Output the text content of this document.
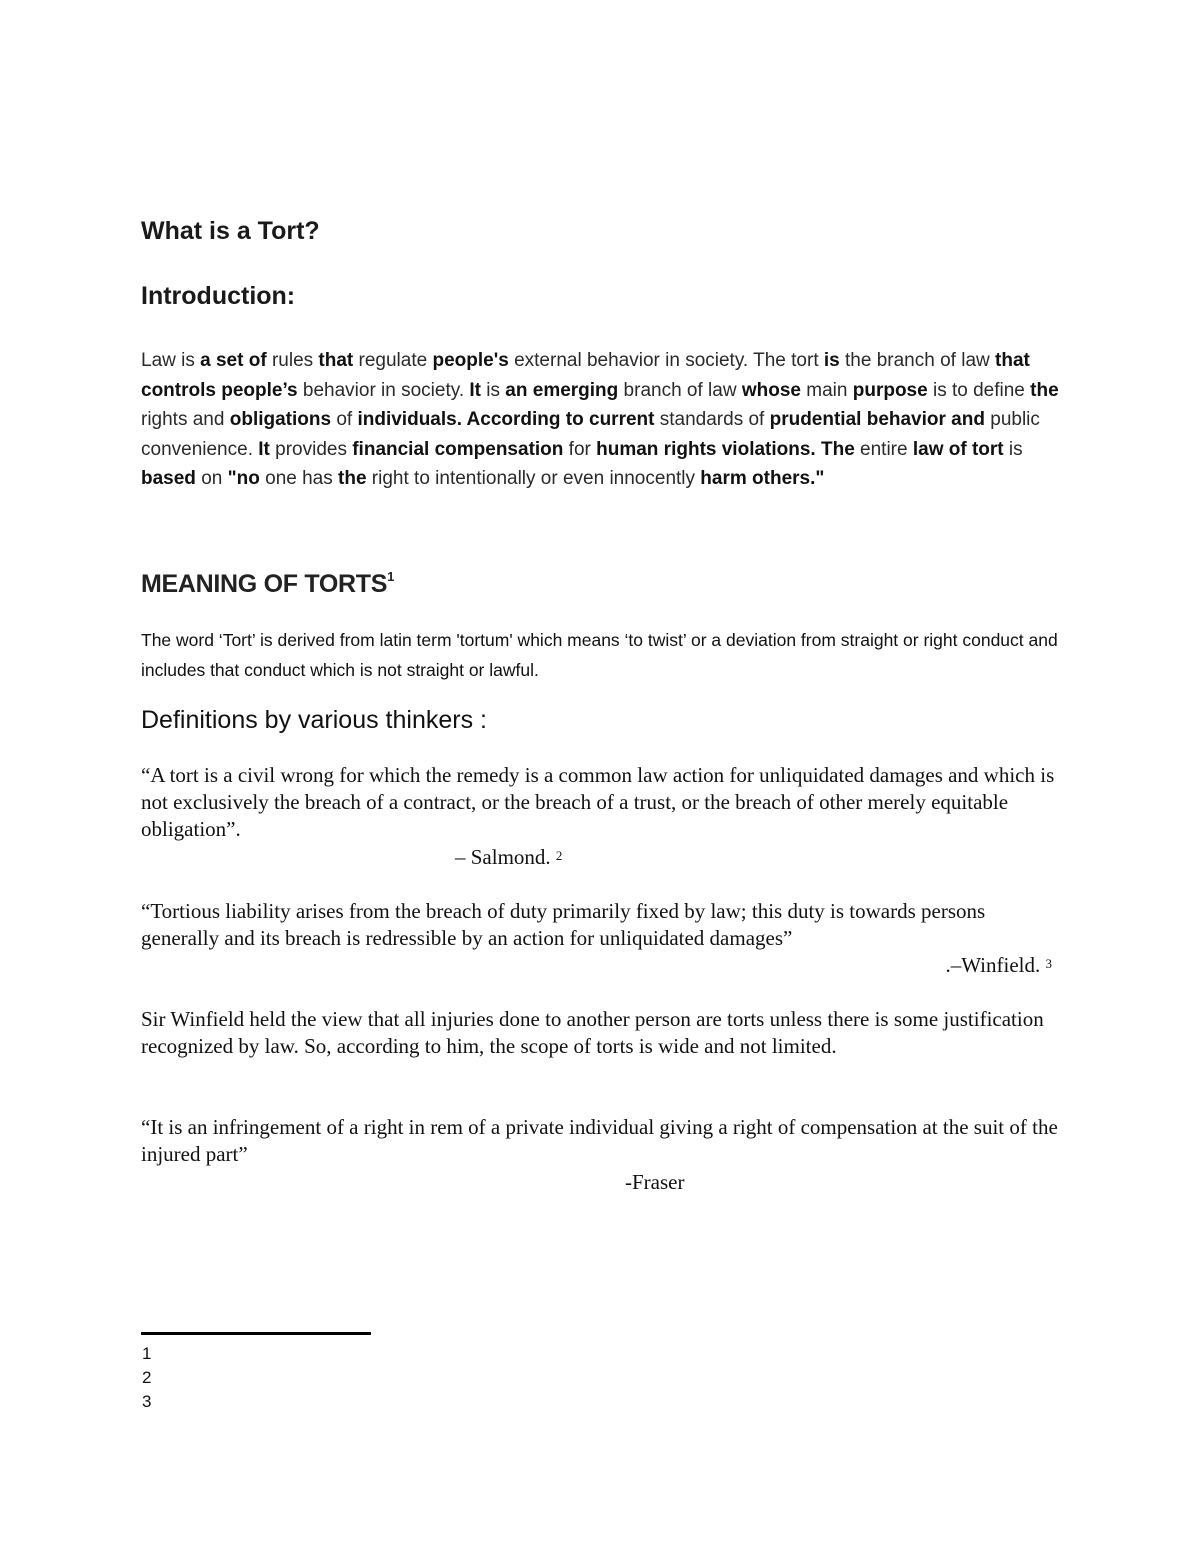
What is a Tort?
Introduction:
Law is a set of rules that regulate people's external behavior in society. The tort is the branch of law that controls people’s behavior in society. It is an emerging branch of law whose main purpose is to define the rights and obligations of individuals. According to current standards of prudential behavior and public convenience. It provides financial compensation for human rights violations. The entire law of tort is based on "no one has the right to intentionally or even innocently harm others."
MEANING OF TORTS$^1$
The word ‘Tort’ is derived from latin term 'tortum' which means ‘to twist’ or a deviation from straight or right conduct and includes that conduct which is not straight or lawful.
Definitions by various thinkers :
“A tort is a civil wrong for which the remedy is a common law action for unliquidated damages and which is not exclusively the breach of a contract, or the breach of a trust, or the breach of other merely equitable obligation”.
– Salmond. $^2$
“Tortious liability arises from the breach of duty primarily fixed by law; this duty is towards persons generally and its breach is redressible by an action for unliquidated damages”
.–Winfield. $^3$
Sir Winfield held the view that all injuries done to another person are torts unless there is some justification recognized by law. So, according to him, the scope of torts is wide and not limited.
“It is an infringement of a right in rem of a private individual giving a right of compensation at the suit of the injured part”
-Fraser
1
2
3
